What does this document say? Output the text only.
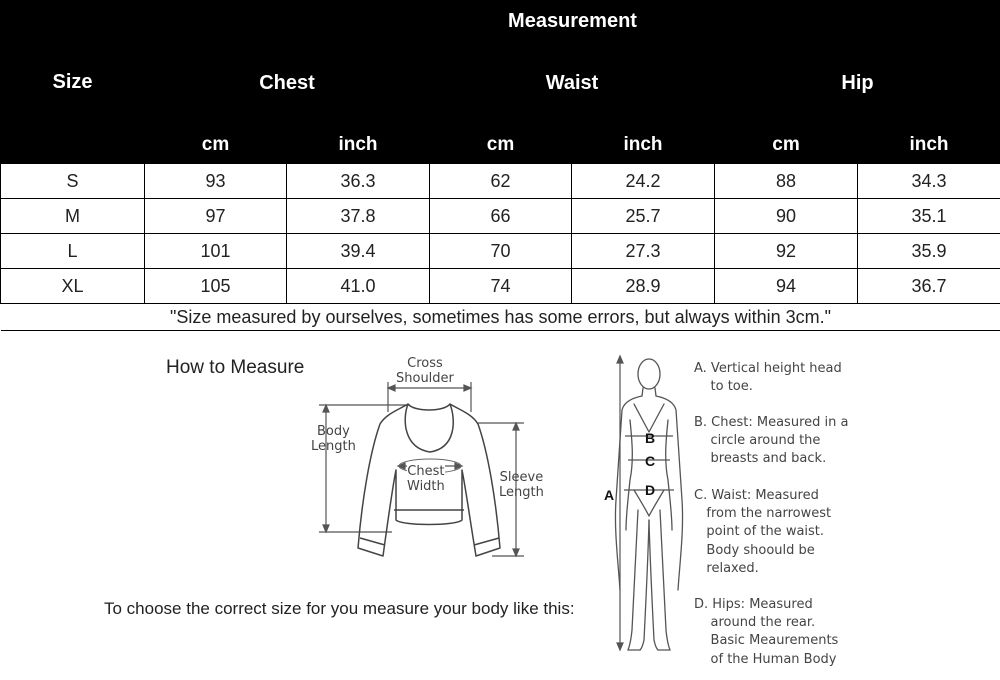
Size	Measurement					
	Chest		Waist		Hip	
	cm	inch	cm	inch	cm	inch
S	93	36.3	62	24.2	88	34.3
M	97	37.8	66	25.7	90	35.1
L	101	39.4	70	27.3	92	35.9
XL	105	41.0	74	28.9	94	36.7
"Size measured by ourselves, sometimes has some errors, but always within 3cm."						
How to Measure
To choose the correct size for you measure your body like this:
Cross
Shoulder
Body
Length
Chest
Width
Sleeve
Length	A
B
C
D
A. Vertical height head
to toe.
B. Chest: Measured in a
circle around the
breasts and back.
C. Waist: Measured
from the narrowest
point of the waist.
Body shoould be
relaxed.
D. Hips: Measured
around the rear.
Basic Meaurements
of the Human Body
